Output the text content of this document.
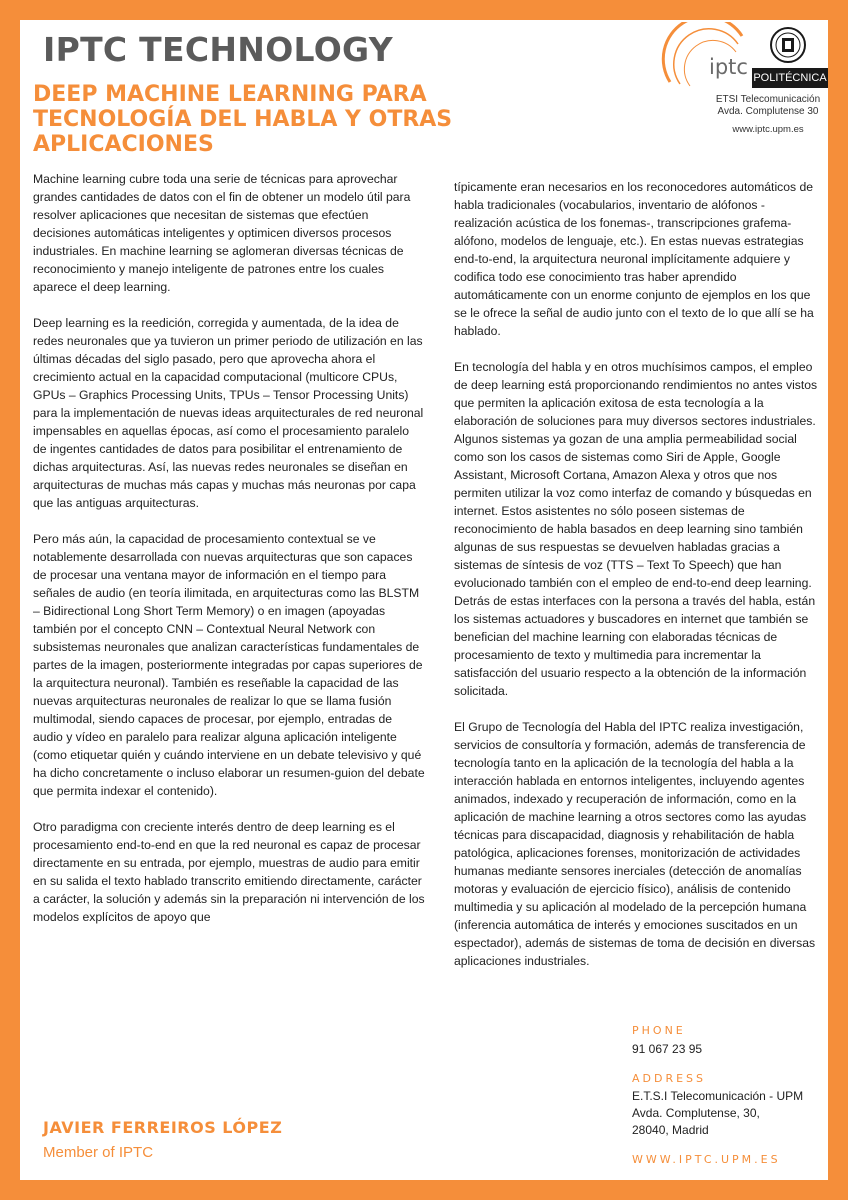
IPTC TECHNOLOGY
DEEP MACHINE LEARNING PARA TECNOLOGÍA DEL HABLA Y OTRAS APLICACIONES
iptc POLITÉCNICA
ETSI Telecomunicación
Avda. Complutense 30
www.iptc.upm.es

Machine learning cubre toda una serie de técnicas para aprovechar grandes cantidades de datos con el fin de obtener un modelo útil para resolver aplicaciones que necesitan de sistemas que efectúen decisiones automáticas inteligentes y optimicen diversos procesos industriales. En machine learning se aglomeran diversas técnicas de reconocimiento y manejo inteligente de patrones entre los cuales aparece el deep learning.

Deep learning es la reedición, corregida y aumentada, de la idea de redes neuronales que ya tuvieron un primer periodo de utilización en las últimas décadas del siglo pasado, pero que aprovecha ahora el crecimiento actual en la capacidad computacional (multicore CPUs, GPUs – Graphics Processing Units, TPUs – Tensor Processing Units) para la implementación de nuevas ideas arquitecturales de red neuronal impensables en aquellas épocas, así como el procesamiento paralelo de ingentes cantidades de datos para posibilitar el entrenamiento de dichas arquitecturas. Así, las nuevas redes neuronales se diseñan en arquitecturas de muchas más capas y muchas más neuronas por capa que las antiguas arquitecturas.

Pero más aún, la capacidad de procesamiento contextual se ve notablemente desarrollada con nuevas arquitecturas que son capaces de procesar una ventana mayor de información en el tiempo para señales de audio (en teoría ilimitada, en arquitecturas como las BLSTM – Bidirectional Long Short Term Memory) o en imagen (apoyadas también por el concepto CNN – Contextual Neural Network con subsistemas neuronales que analizan características fundamentales de partes de la imagen, posteriormente integradas por capas superiores de la arquitectura neuronal). También es reseñable la capacidad de las nuevas arquitecturas neuronales de realizar lo que se llama fusión multimodal, siendo capaces de procesar, por ejemplo, entradas de audio y vídeo en paralelo para realizar alguna aplicación inteligente (como etiquetar quién y cuándo interviene en un debate televisivo y qué ha dicho concretamente o incluso elaborar un resumen-guion del debate que permita indexar el contenido).

Otro paradigma con creciente interés dentro de deep learning es el procesamiento end-to-end en que la red neuronal es capaz de procesar directamente en su entrada, por ejemplo, muestras de audio para emitir en su salida el texto hablado transcrito emitiendo directamente, carácter a carácter, la solución y además sin la preparación ni intervención de los modelos explícitos de apoyo que

típicamente eran necesarios en los reconocedores automáticos de habla tradicionales (vocabularios, inventario de alófonos -realización acústica de los fonemas-, transcripciones grafema-alófono, modelos de lenguaje, etc.). En estas nuevas estrategias end-to-end, la arquitectura neuronal implícitamente adquiere y codifica todo ese conocimiento tras haber aprendido automáticamente con un enorme conjunto de ejemplos en los que se le ofrece la señal de audio junto con el texto de lo que allí se ha hablado.

En tecnología del habla y en otros muchísimos campos, el empleo de deep learning está proporcionando rendimientos no antes vistos que permiten la aplicación exitosa de esta tecnología a la elaboración de soluciones para muy diversos sectores industriales.

Algunos sistemas ya gozan de una amplia permeabilidad social como son los casos de sistemas como Siri de Apple, Google Assistant, Microsoft Cortana, Amazon Alexa y otros que nos permiten utilizar la voz como interfaz de comando y búsquedas en internet. Estos asistentes no sólo poseen sistemas de reconocimiento de habla basados en deep learning sino también algunas de sus respuestas se devuelven habladas gracias a sistemas de síntesis de voz (TTS – Text To Speech) que han evolucionado también con el empleo de end-to-end deep learning. Detrás de estas interfaces con la persona a través del habla, están los sistemas actuadores y buscadores en internet que también se benefician del machine learning con elaboradas técnicas de procesamiento de texto y multimedia para incrementar la satisfacción del usuario respecto a la obtención de la información solicitada.

El Grupo de Tecnología del Habla del IPTC realiza investigación, servicios de consultoría y formación, además de transferencia de tecnología tanto en la aplicación de la tecnología del habla a la interacción hablada en entornos inteligentes, incluyendo agentes animados, indexado y recuperación de información, como en la aplicación de machine learning a otros sectores como las ayudas técnicas para discapacidad, diagnosis y rehabilitación de habla patológica, aplicaciones forenses, monitorización de actividades humanas mediante sensores inerciales (detección de anomalías motoras y evaluación de ejercicio físico), análisis de contenido multimedia y su aplicación al modelado de la percepción humana (inferencia automática de interés y emociones suscitados en un espectador), además de sistemas de toma de decisión en diversas aplicaciones industriales.

PHONE
91 067 23 95
ADDRESS
E.T.S.I Telecomunicación - UPM
Avda. Complutense, 30,
28040, Madrid
WWW.IPTC.UPM.ES
JAVIER FERREIROS LÓPEZ
Member of IPTC
